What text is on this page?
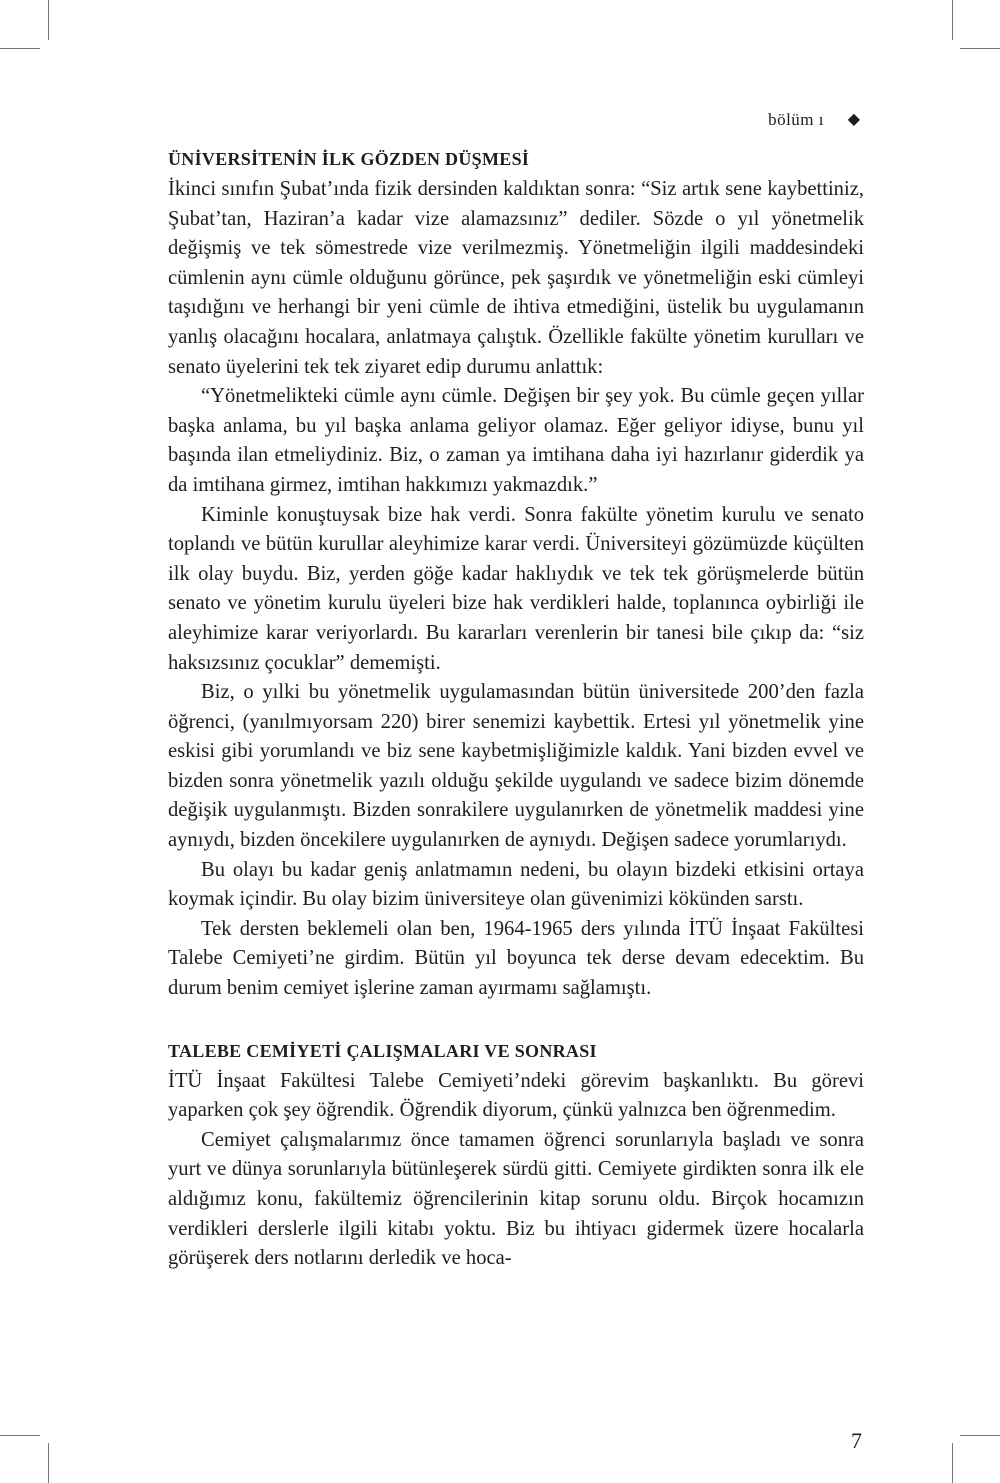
bölüm ı ◆
ÜNİVERSİTENİN İLK GÖZDEN DÜŞMESİ

İkinci sınıfın Şubat’ında fizik dersinden kaldıktan sonra: “Siz artık sene kaybettiniz, Şubat’tan, Haziran’a kadar vize alamazsınız” dediler. Sözde o yıl yönetmelik değişmiş ve tek sömestrede vize verilmezmiş. Yönetmeliğin ilgili maddesindeki cümlenin aynı cümle olduğunu görünce, pek şaşırdık ve yönetmeliğin eski cümleyi taşıdığını ve herhangi bir yeni cümle de ihtiva etmediğini, üstelik bu uygulamanın yanlış olacağını hocalara, anlatmaya çalıştık. Özellikle fakülte yönetim kurulları ve senato üyelerini tek tek ziyaret edip durumu anlattık:

“Yönetmelikteki cümle aynı cümle. Değişen bir şey yok. Bu cümle geçen yıllar başka anlama, bu yıl başka anlama geliyor olamaz. Eğer geliyor idiyse, bunu yıl başında ilan etmeliydiniz. Biz, o zaman ya imtihana daha iyi hazırlanır giderdik ya da imtihana girmez, imtihan hakkımızı yakmazdık.”

Kiminle konuştuysak bize hak verdi. Sonra fakülte yönetim kurulu ve senato toplandı ve bütün kurullar aleyhimize karar verdi. Üniversiteyi gözümüzde küçülten ilk olay buydu. Biz, yerden göğe kadar haklıydık ve tek tek görüşmelerde bütün senato ve yönetim kurulu üyeleri bize hak verdikleri halde, toplanınca oybirliği ile aleyhimize karar veriyorlardı. Bu kararları verenlerin bir tanesi bile çıkıp da: “siz haksızsınız çocuklar” dememişti.

Biz, o yılki bu yönetmelik uygulamasından bütün üniversitede 200’den fazla öğrenci, (yanılmıyorsam 220) birer senemizi kaybettik. Ertesi yıl yönetmelik yine eskisi gibi yorumlandı ve biz sene kaybetmişliğimizle kaldık. Yani bizden evvel ve bizden sonra yönetmelik yazılı olduğu şekilde uygulandı ve sadece bizim dönemde değişik uygulanmıştı. Bizden sonrakilere uygulanırken de yönetmelik maddesi yine aynıydı, bizden öncekilere uygulanırken de aynıydı. Değişen sadece yorumlarıydı.

Bu olayı bu kadar geniş anlatmamın nedeni, bu olayın bizdeki etkisini ortaya koymak içindir. Bu olay bizim üniversiteye olan güvenimizi kökünden sarstı.

Tek dersten beklemeli olan ben, 1964-1965 ders yılında İTÜ İnşaat Fakültesi Talebe Cemiyeti’ne girdim. Bütün yıl boyunca tek derse devam edecektim. Bu durum benim cemiyet işlerine zaman ayırmamı sağlamıştı.

TALEBE CEMİYETİ ÇALIŞMALARI VE SONRASI

İTÜ İnşaat Fakültesi Talebe Cemiyeti’ndeki görevim başkanlıktı. Bu görevi yaparken çok şey öğrendik. Öğrendik diyorum, çünkü yalnızca ben öğrenmedim.

Cemiyet çalışmalarımız önce tamamen öğrenci sorunlarıyla başladı ve sonra yurt ve dünya sorunlarıyla bütünleşerek sürdü gitti. Cemiyete girdikten sonra ilk ele aldığımız konu, fakültemiz öğrencilerinin kitap sorunu oldu. Birçok hocamızın verdikleri derslerle ilgili kitabı yoktu. Biz bu ihtiyacı gidermek üzere hocalarla görüşerek ders notlarını derledik ve hoca-

7
